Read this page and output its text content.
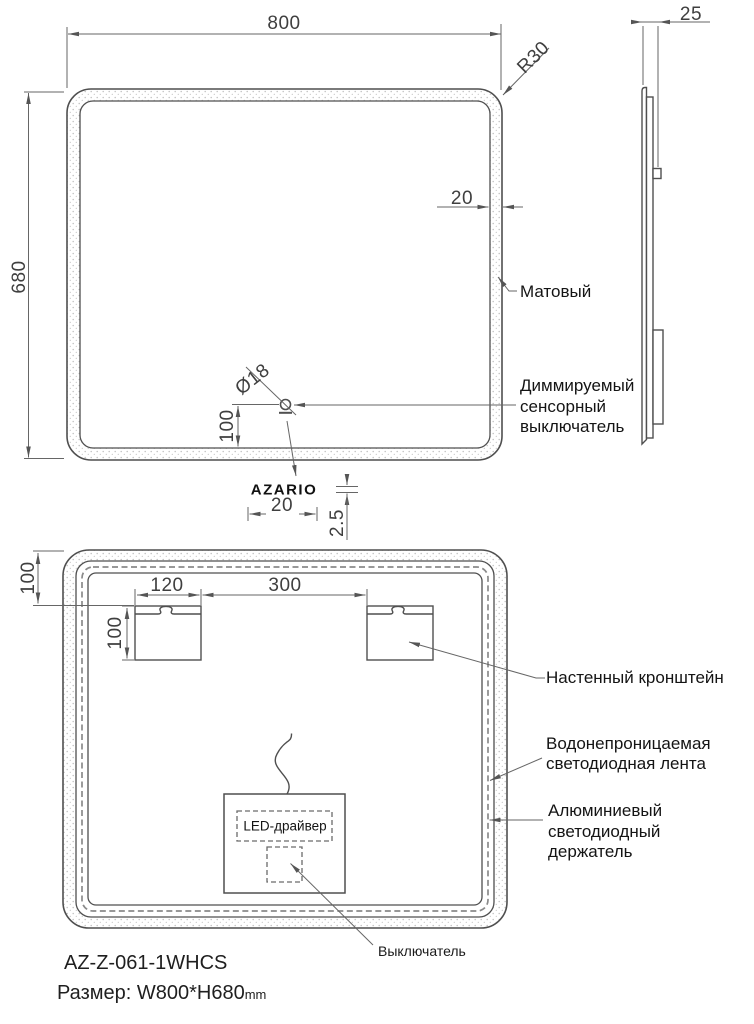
800
680
R30
20
Матовый
Ø18
100
Диммируемый
сенсорный
выключатель
AZARIO
20
2.5
25
100	120	300
100
Настенный кронштейн
Водонепроницаемая
светодиодная лента
Алюминиевый
светодиодный
держатель
LED-драйвер
Выключатель
AZ-Z-061-1WHCS
Размер: W800*H680mm
